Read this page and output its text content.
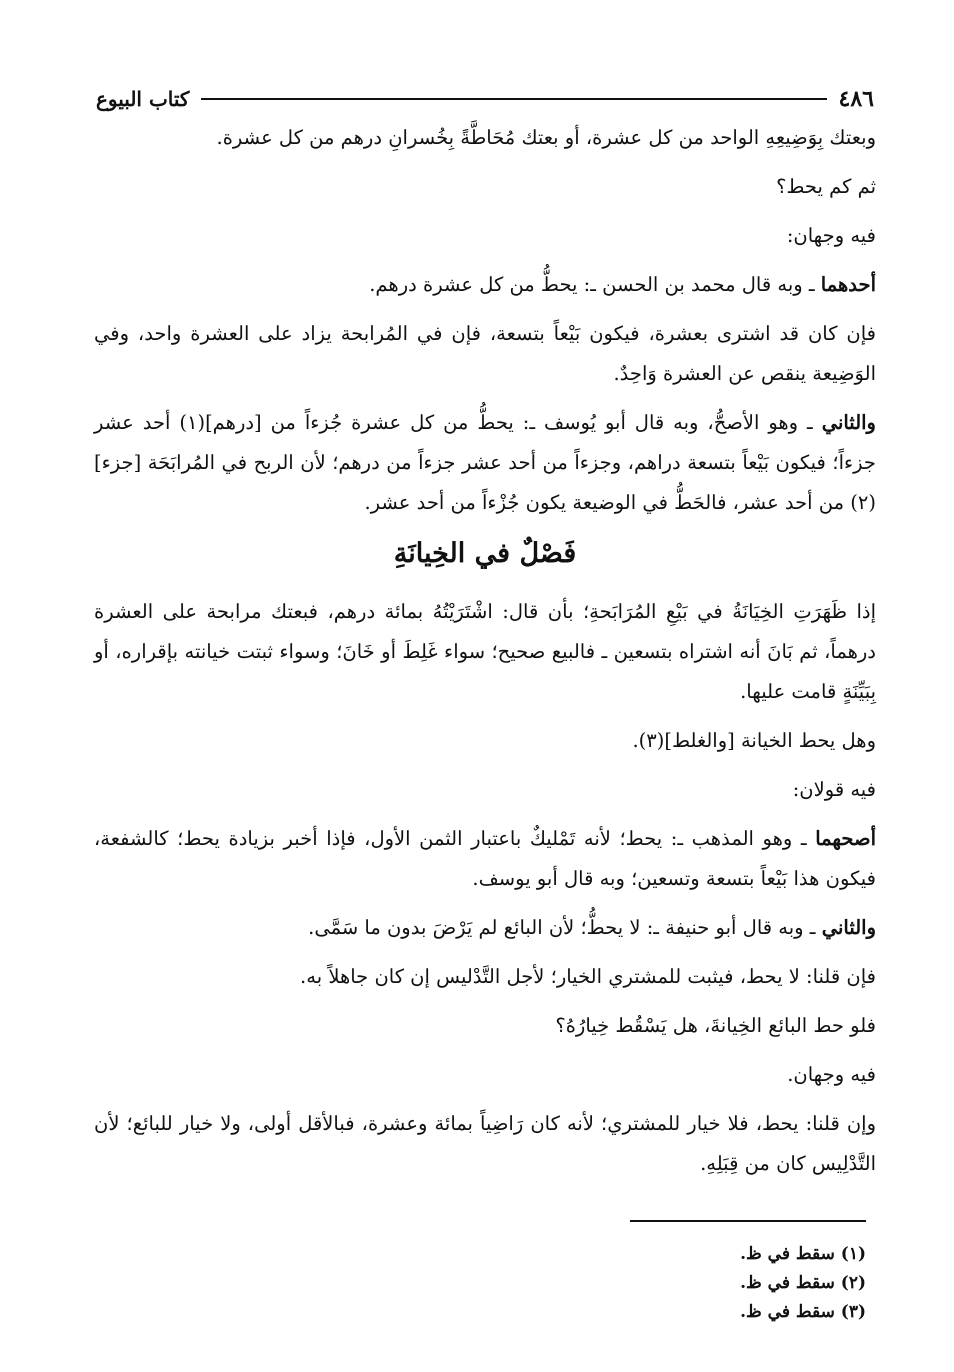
٤٨٦
كتاب البيوع

وبعتك بِوَضِيعِهِ الواحد من كل عشرة، أو بعتك مُحَاطَّةً بِخُسرانِ درهم من كل عشرة.

ثم كم يحط؟

فيه وجهان:

أحدهما ـ وبه قال محمد بن الحسن ـ: يحطُّ من كل عشرة درهم.

فإن كان قد اشترى بعشرة، فيكون بَيْعاً بتسعة، فإن في المُرابحة يزاد على العشرة واحد، وفي الوَضِيعة ينقص عن العشرة وَاحِدٌ.

والثاني ـ وهو الأصحُّ، وبه قال أبو يُوسف ـ: يحطُّ من كل عشرة جُزءاً من [درهم](١) أحد عشر جزءاً؛ فيكون بَيْعاً بتسعة دراهم، وجزءاً من أحد عشر جزءاً من درهم؛ لأن الربح في المُرابَحَة [جزء](٢) من أحد عشر، فالحَطُّ في الوضيعة يكون جُزْءاً من أحد عشر.

فَصْلٌ في الخِيانَةِ

إذا ظَهَرَتِ الخِيَانَةُ في بَيْعِ المُرَابَحةِ؛ بأن قال: اشْتَرَيْتُهُ بمائة درهم، فبعتك مرابحة على العشرة درهماً، ثم بَانَ أنه اشتراه بتسعين ـ فالبيع صحيح؛ سواء غَلِطَ أو خَانَ؛ وسواء ثبتت خيانته بإقراره، أو بِبَيِّنَةٍ قامت عليها.

وهل يحط الخيانة [والغلط](٣).

فيه قولان:

أصحهما ـ وهو المذهب ـ: يحط؛ لأنه تَمْليكٌ باعتبار الثمن الأول، فإذا أخبر بزيادة يحط؛ كالشفعة، فيكون هذا بَيْعاً بتسعة وتسعين؛ وبه قال أبو يوسف.

والثاني ـ وبه قال أبو حنيفة ـ: لا يحطُّ؛ لأن البائع لم يَرْضَ بدون ما سَمَّى.

فإن قلنا: لا يحط، فيثبت للمشتري الخيار؛ لأجل التَّدْليس إن كان جاهلاً به.

فلو حط البائع الخِيانةَ، هل يَسْقُط خِيارُهُ؟

فيه وجهان.

وإن قلنا: يحط، فلا خيار للمشتري؛ لأنه كان رَاضِياً بمائة وعشرة، فبالأقل أولى، ولا خيار للبائع؛ لأن التَّدْلِيس كان من قِبَلِهِ.

(١) سقط في ظ.

(٢) سقط في ظ.

(٣) سقط في ظ.
